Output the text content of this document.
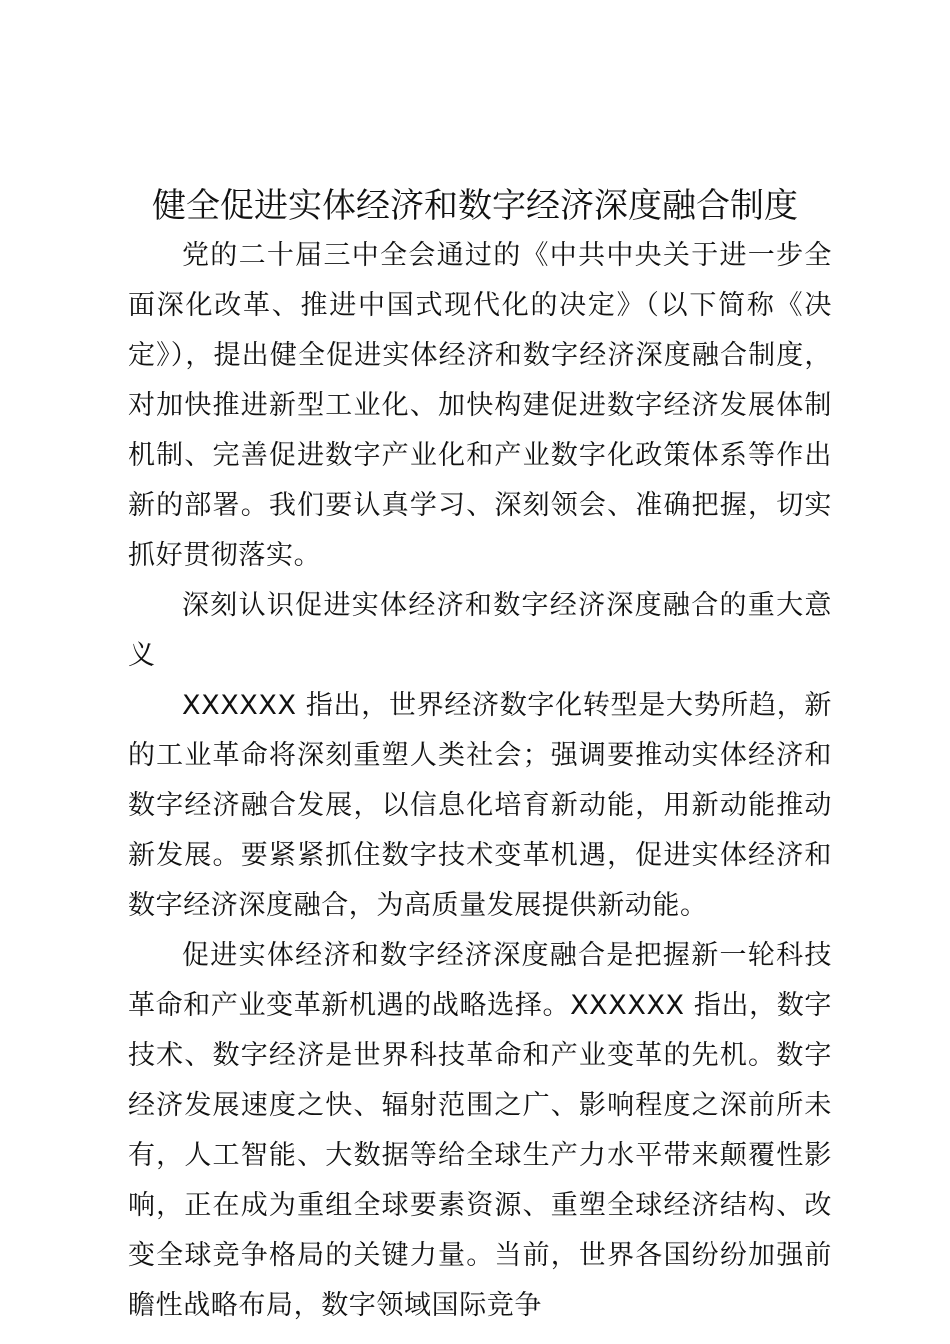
健全促进实体经济和数字经济深度融合制度

党的二十届三中全会通过的《中共中央关于进一步全面深化改革、推进中国式现代化的决定》（以下简称《决定》），提出健全促进实体经济和数字经济深度融合制度，对加快推进新型工业化、加快构建促进数字经济发展体制机制、完善促进数字产业化和产业数字化政策体系等作出新的部署。我们要认真学习、深刻领会、准确把握，切实抓好贯彻落实。

深刻认识促进实体经济和数字经济深度融合的重大意义

XXXXXX 指出，世界经济数字化转型是大势所趋，新的工业革命将深刻重塑人类社会；强调要推动实体经济和数字经济融合发展，以信息化培育新动能，用新动能推动新发展。要紧紧抓住数字技术变革机遇，促进实体经济和数字经济深度融合，为高质量发展提供新动能。

促进实体经济和数字经济深度融合是把握新一轮科技革命和产业变革新机遇的战略选择。XXXXXX 指出，数字技术、数字经济是世界科技革命和产业变革的先机。数字经济发展速度之快、辐射范围之广、影响程度之深前所未有，人工智能、大数据等给全球生产力水平带来颠覆性影响，正在成为重组全球要素资源、重塑全球经济结构、改变全球竞争格局的关键力量。当前，世界各国纷纷加强前瞻性战略布局，数字领域国际竞争
